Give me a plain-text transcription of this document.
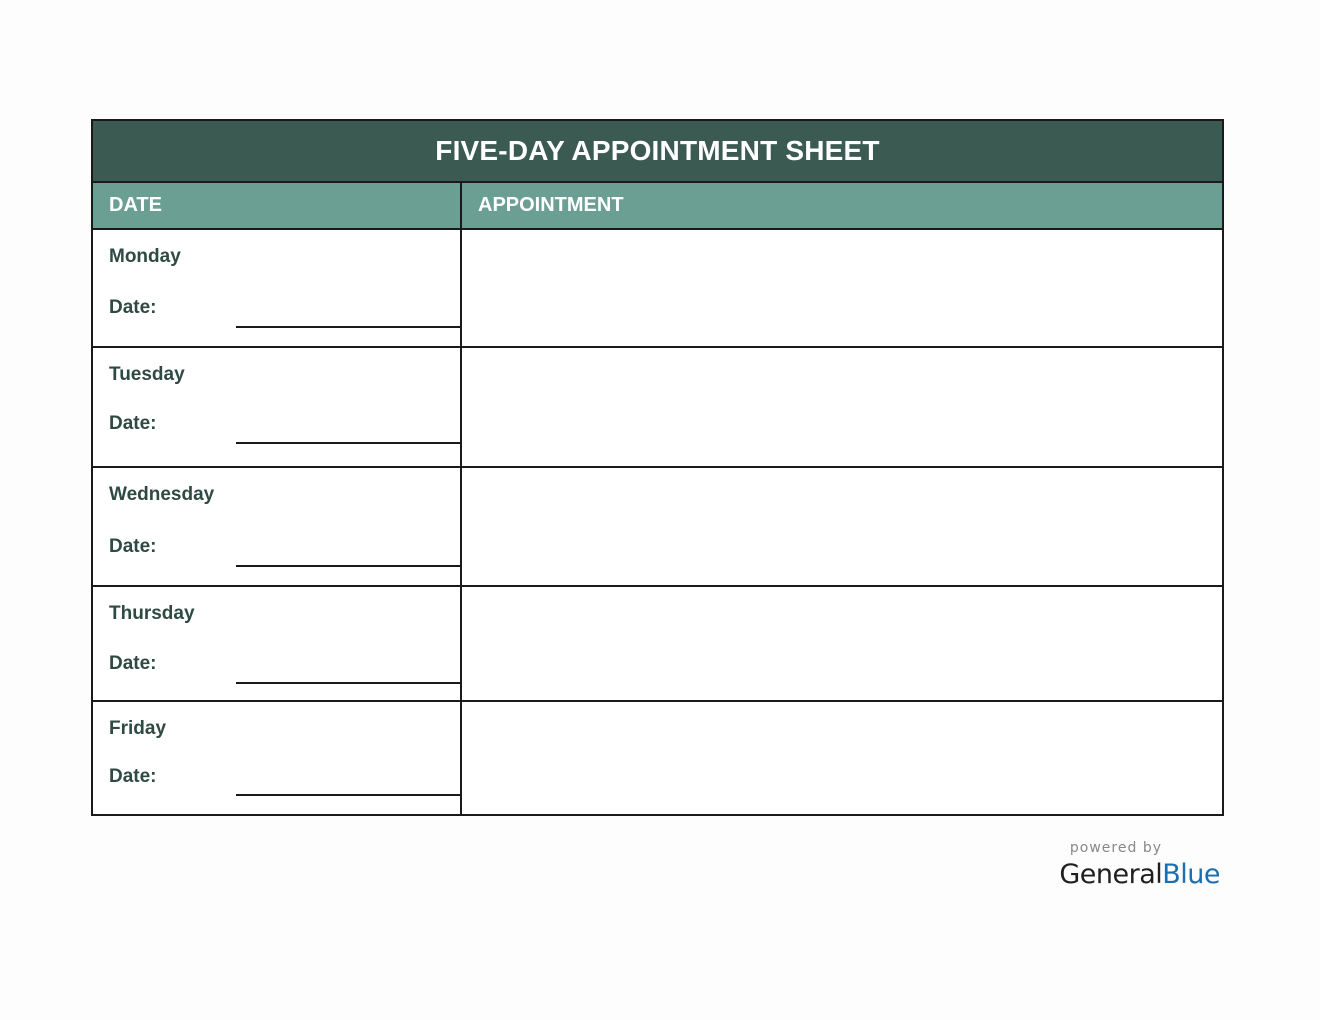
FIVE-DAY APPOINTMENT SHEET
DATE	APPOINTMENT
Monday
Date:
Tuesday
Date:
Wednesday
Date:
Thursday
Date:
Friday
Date:
powered by
GeneralBlue
